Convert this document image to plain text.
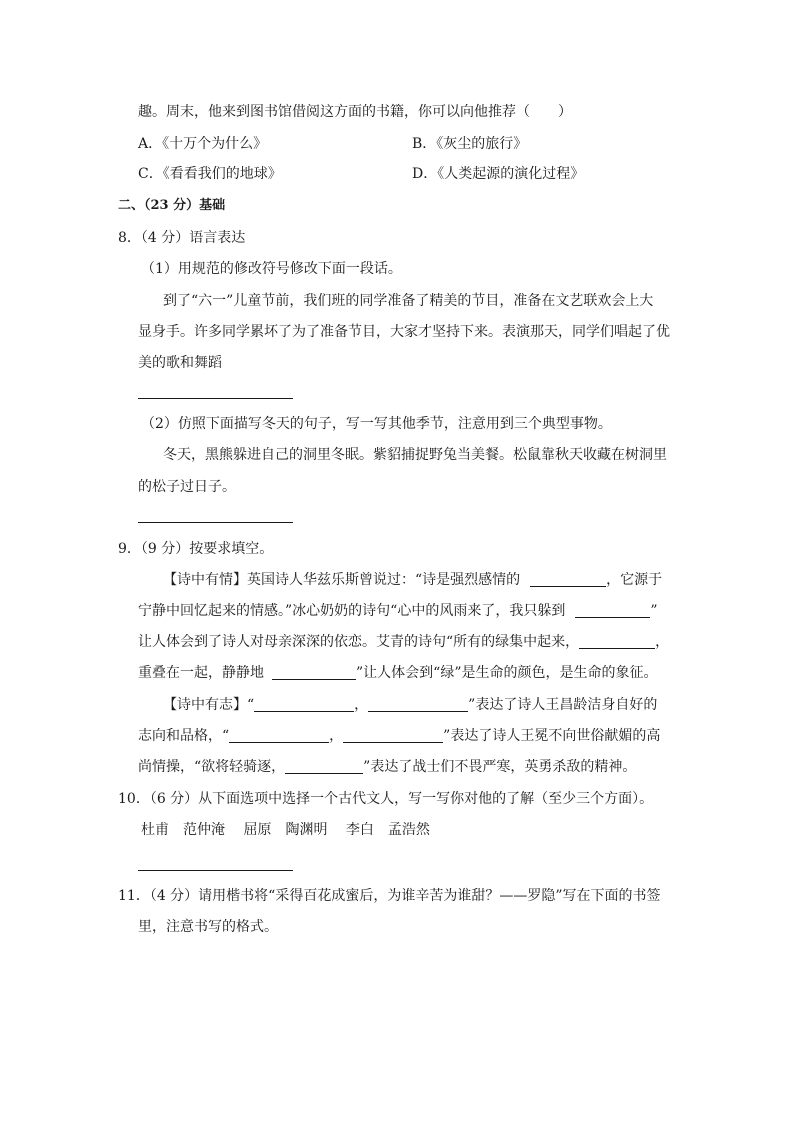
趣。周末，他来到图书馆借阅这方面的书籍，你可以向他推荐（　　）
A．《十万个为什么》	B．《灰尘的旅行》
C．《看看我们的地球》	D．《人类起源的演化过程》
二、（23 分）基础
8．（4 分）语言表达
（1）用规范的修改符号修改下面一段话。
到了“六一”儿童节前，我们班的同学准备了精美的节目，准备在文艺联欢会上大
显身手。许多同学累坏了为了准备节目，大家才坚持下来。表演那天，同学们唱起了优
美的歌和舞蹈
（2）仿照下面描写冬天的句子，写一写其他季节，注意用到三个典型事物。
冬天，黑熊躲进自己的洞里冬眠。紫貂捕捉野兔当美餐。松鼠靠秋天收藏在树洞里
的松子过日子。
9．（9 分）按要求填空。
【诗中有情】英国诗人华兹乐斯曾说过：“诗是强烈感情的	，它源于
宁静中回忆起来的情感。”冰心奶奶的诗句“心中的风雨来了，我只躲到	”
让人体会到了诗人对母亲深深的依恋。艾青的诗句“所有的绿集中起来，	，
重叠在一起，静静地	”让人体会到“绿”是生命的颜色，是生命的象征。
【诗中有志】“	，	”表达了诗人王昌龄洁身自好的
志向和品格，“	，	”表达了诗人王冕不向世俗献媚的高
尚情操，“欲将轻骑逐，	”表达了战士们不畏严寒，英勇杀敌的精神。
10．（6 分）从下面选项中选择一个古代文人，写一写你对他的了解（至少三个方面）。
杜甫　范仲淹　 屈原　陶渊明　 李白　孟浩然
11．（4 分）请用楷书将“采得百花成蜜后，为谁辛苦为谁甜？——罗隐”写在下面的书签
里，注意书写的格式。
